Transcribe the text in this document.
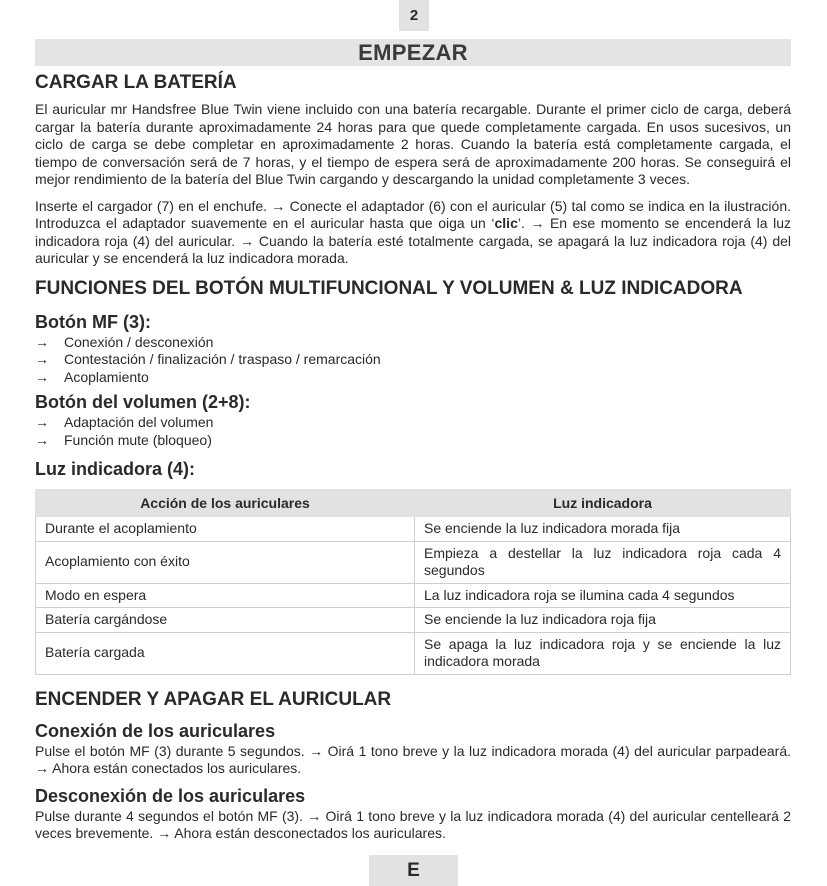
2
EMPEZAR
CARGAR LA BATERÍA

El auricular mr Handsfree Blue Twin viene incluido con una batería recargable. Durante el primer ciclo de carga, deberá cargar la batería durante aproximadamente 24 horas para que quede completamente cargada. En usos sucesivos, un ciclo de carga se debe completar en aproximadamente 2 horas. Cuando la batería está completamente cargada, el tiempo de conversación será de 7 horas, y el tiempo de espera será de aproximadamente 200 horas. Se conseguirá el mejor rendimiento de la batería del Blue Twin cargando y descargando la unidad completamente 3 veces.

Inserte el cargador (7) en el enchufe. → Conecte el adaptador (6) con el auricular (5) tal como se indica en la ilustración. Introduzca el adaptador suavemente en el auricular hasta que oiga un ‘clic’. → En ese momento se encenderá la luz indicadora roja (4) del auricular. → Cuando la batería esté totalmente cargada, se apagará la luz indicadora roja (4) del auricular y se encenderá la luz indicadora morada.

FUNCIONES DEL BOTÓN MULTIFUNCIONAL Y VOLUMEN & LUZ INDICADORA
Botón MF (3):
→ Conexión / desconexión
→ Contestación / finalización / traspaso / remarcación
→ Acoplamiento
Botón del volumen (2+8):
→ Adaptación del volumen
→ Función mute (bloqueo)
Luz indicadora (4):
Acción de los auriculares	Luz indicadora
Durante el acoplamiento	Se enciende la luz indicadora morada fija
Acoplamiento con éxito	Empieza a destellar la luz indicadora roja cada 4 segundos
Modo en espera	La luz indicadora roja se ilumina cada 4 segundos
Batería cargándose	Se enciende la luz indicadora roja fija
Batería cargada	Se apaga la luz indicadora roja y se enciende la luz indicadora morada
ENCENDER Y APAGAR EL AURICULAR
Conexión de los auriculares

Pulse el botón MF (3) durante 5 segundos. → Oirá 1 tono breve y la luz indicadora morada (4) del auricular parpadeará. → Ahora están conectados los auriculares.

Desconexión de los auriculares

Pulse durante 4 segundos el botón MF (3). → Oirá 1 tono breve y la luz indicadora morada (4) del auricular centelleará 2 veces brevemente. → Ahora están desconectados los auriculares.

E
